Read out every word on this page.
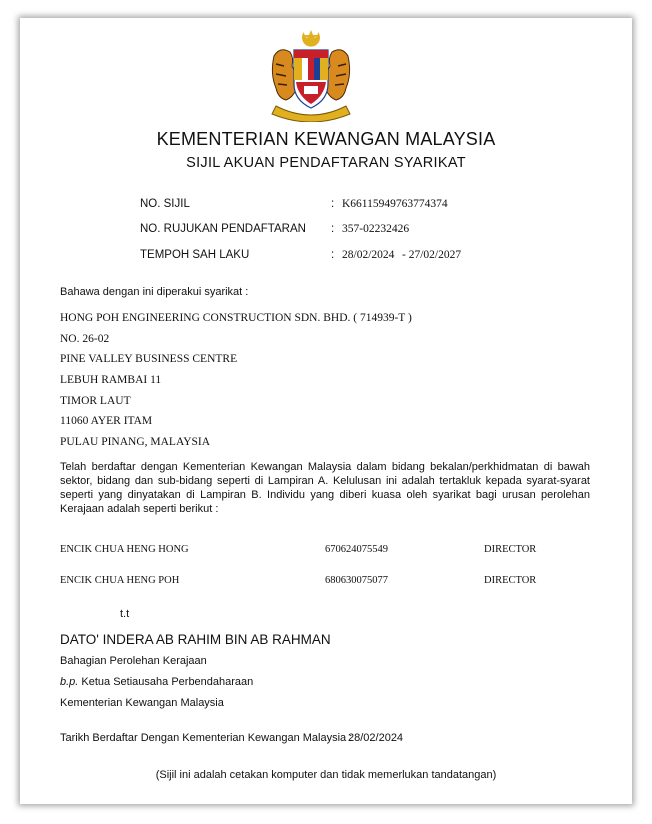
KEMENTERIAN KEWANGAN MALAYSIA
SIJIL AKUAN PENDAFTARAN SYARIKAT
NO. SIJIL	: K66115949763774374
NO. RUJUKAN PENDAFTARAN : 357-02232426
TEMPOH SAH LAKU	: 28/02/2024 - 27/02/2027
Bahawa dengan ini diperakui syarikat :
HONG POH ENGINEERING CONSTRUCTION SDN. BHD. ( 714939-T )
NO. 26-02
PINE VALLEY BUSINESS CENTRE
LEBUH RAMBAI 11
TIMOR LAUT
11060 AYER ITAM
PULAU PINANG, MALAYSIA
Telah berdaftar dengan Kementerian Kewangan Malaysia dalam bidang bekalan/perkhidmatan di bawah sektor, bidang dan sub-bidang seperti di Lampiran A. Kelulusan ini adalah tertakluk kepada syarat-syarat seperti yang dinyatakan di Lampiran B. Individu yang diberi kuasa oleh syarikat bagi urusan perolehan Kerajaan adalah seperti berikut :
ENCIK CHUA HENG HONG	670624075549	DIRECTOR
ENCIK CHUA HENG POH	680630075077	DIRECTOR
t.t
DATO' INDERA AB RAHIM BIN AB RAHMAN
Bahagian Perolehan Kerajaan
b.p. Ketua Setiausaha Perbendaharaan
Kementerian Kewangan Malaysia
Tarikh Berdaftar Dengan Kementerian Kewangan Malaysia :
28/02/2024
(Sijil ini adalah cetakan komputer dan tidak memerlukan tandatangan)
